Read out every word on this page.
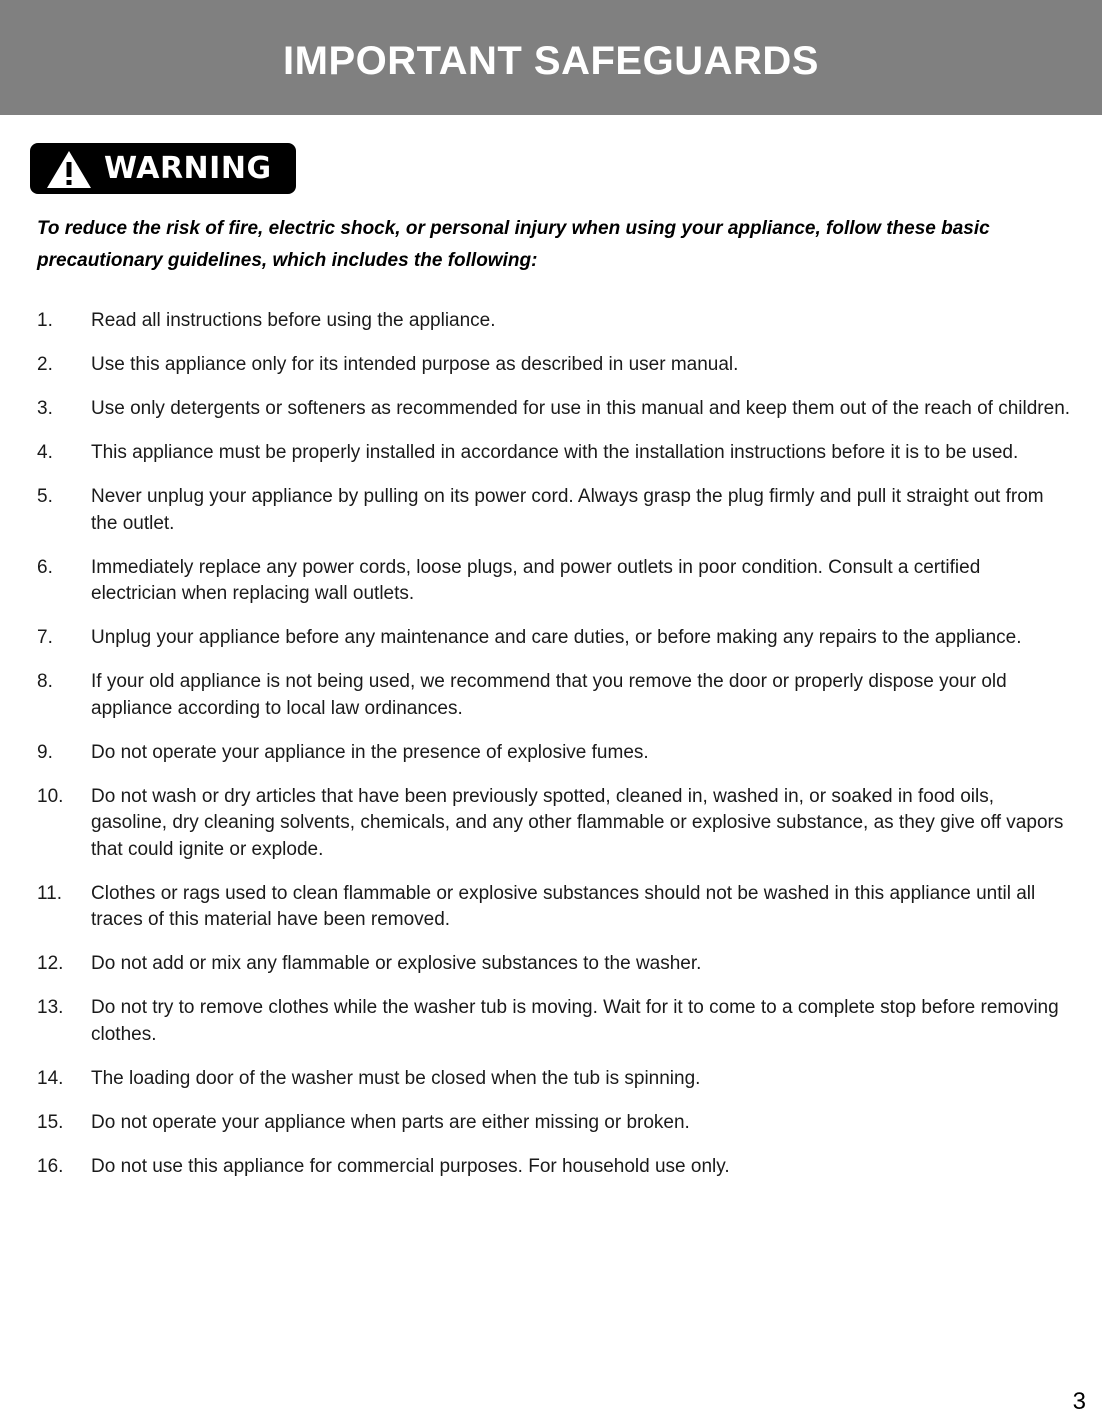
IMPORTANT SAFEGUARDS
WARNING
To reduce the risk of fire, electric shock, or personal injury when using your appliance, follow these basic precautionary guidelines, which includes the following:
1.	Read all instructions before using the appliance.
2.	Use this appliance only for its intended purpose as described in user manual.
3.	Use only detergents or softeners as recommended for use in this manual and keep them out of the reach of children.
4.	This appliance must be properly installed in accordance with the installation instructions before it is to be used.
5.	Never unplug your appliance by pulling on its power cord. Always grasp the plug firmly and pull it straight out from the outlet.
6.	Immediately replace any power cords, loose plugs, and power outlets in poor condition. Consult a certified electrician when replacing wall outlets.
7.	Unplug your appliance before any maintenance and care duties, or before making any repairs to the appliance.
8.	If your old appliance is not being used, we recommend that you remove the door or properly dispose your old appliance according to local law ordinances.
9.	Do not operate your appliance in the presence of explosive fumes.
10.	Do not wash or dry articles that have been previously spotted, cleaned in, washed in, or soaked in food oils, gasoline, dry cleaning solvents, chemicals, and any other flammable or explosive substance, as they give off vapors that could ignite or explode.
11.	Clothes or rags used to clean flammable or explosive substances should not be washed in this appliance until all traces of this material have been removed.
12.	Do not add or mix any flammable or explosive substances to the washer.
13.	Do not try to remove clothes while the washer tub is moving. Wait for it to come to a complete stop before removing clothes.
14.	The loading door of the washer must be closed when the tub is spinning.
15.	Do not operate your appliance when parts are either missing or broken.
16.	Do not use this appliance for commercial purposes. For household use only.
3
